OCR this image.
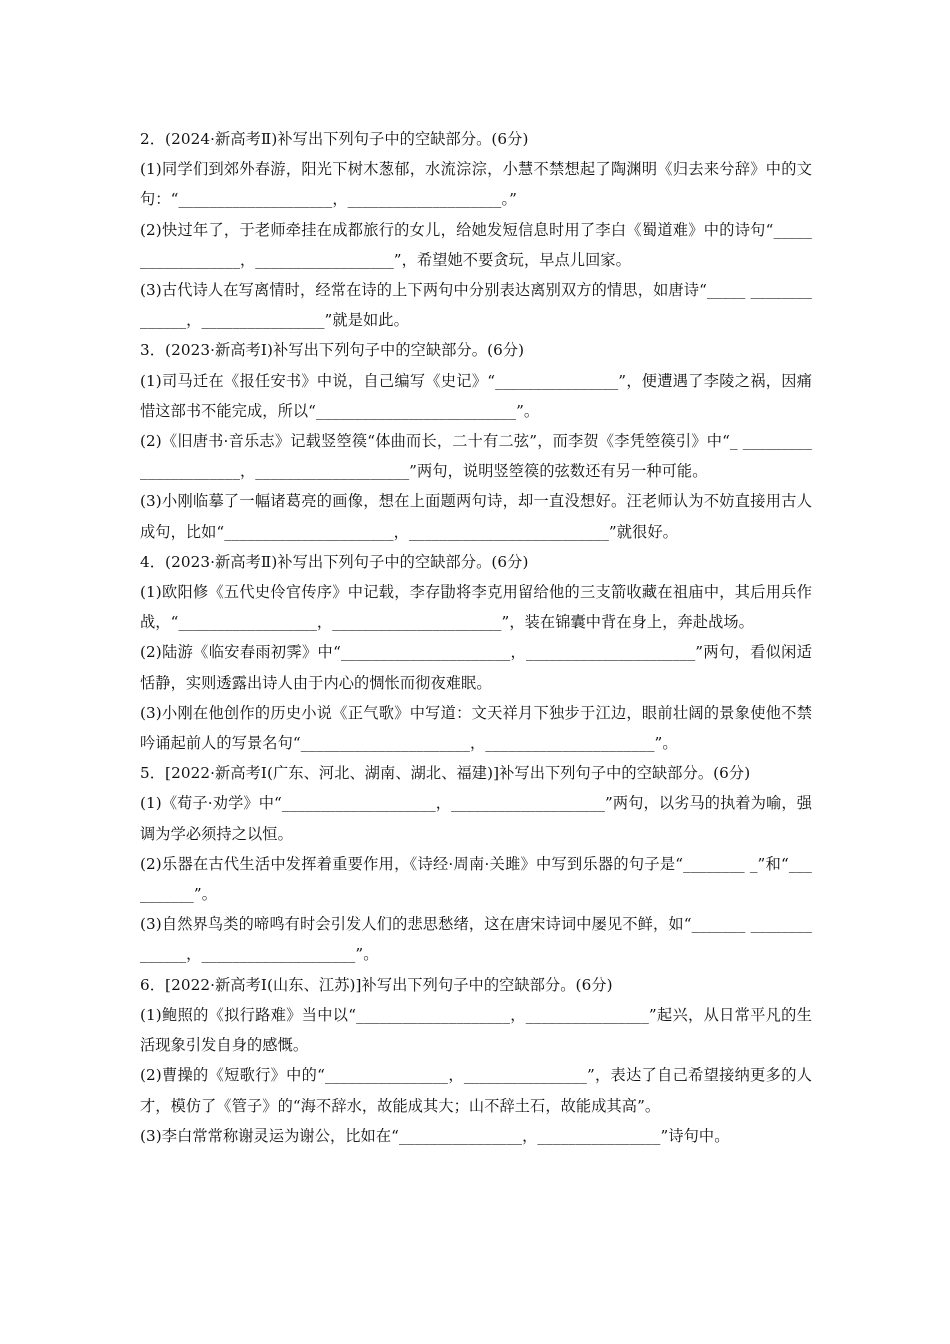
2．(2024·新高考Ⅱ)补写出下列句子中的空缺部分。(6分)

(1)同学们到郊外春游，阳光下树木葱郁，水流淙淙，小慧不禁想起了陶渊明《归去来兮辞》中的文句：“____________________，____________________。”

(2)快过年了，于老师牵挂在成都旅行的女儿，给她发短信息时用了李白《蜀道难》中的诗句“__________________，__________________”，希望她不要贪玩，早点儿回家。

(3)古代诗人在写离情时，经常在诗的上下两句中分别表达离别双方的情思，如唐诗“_____ ______________，________________”就是如此。

3．(2023·新高考Ⅰ)补写出下列句子中的空缺部分。(6分)

(1)司马迁在《报任安书》中说，自己编写《史记》“________________”，便遭遇了李陵之祸，因痛惜这部书不能完成，所以“__________________________”。

(2)《旧唐书·音乐志》记载竖箜篌“体曲而长，二十有二弦”，而李贺《李凭箜篌引》中“_ ______________________，____________________”两句，说明竖箜篌的弦数还有另一种可能。

(3)小刚临摹了一幅诸葛亮的画像，想在上面题两句诗，却一直没想好。汪老师认为不妨直接用古人成句，比如“______________________，__________________________”就很好。

4．(2023·新高考Ⅱ)补写出下列句子中的空缺部分。(6分)

(1)欧阳修《五代史伶官传序》中记载，李存勖将李克用留给他的三支箭收藏在祖庙中，其后用兵作战，“__________________，______________________”，装在锦囊中背在身上，奔赴战场。

(2)陆游《临安春雨初霁》中“______________________，______________________”两句，看似闲适恬静，实则透露出诗人由于内心的惆怅而彻夜难眠。

(3)小刚在他创作的历史小说《正气歌》中写道：文天祥月下独步于江边，眼前壮阔的景象使他不禁吟诵起前人的写景名句“______________________，______________________”。

5．[2022·新高考Ⅰ(广东、河北、湖南、湖北、福建)]补写出下列句子中的空缺部分。(6分)

(1)《荀子·劝学》中“____________________，____________________”两句，以劣马的执着为喻，强调为学必须持之以恒。

(2)乐器在古代生活中发挥着重要作用，《诗经·周南·关雎》中写到乐器的句子是“________ _”和“__________”。

(3)自然界鸟类的啼鸣有时会引发人们的悲思愁绪，这在唐宋诗词中屡见不鲜，如“_______ ______________，____________________”。

6．[2022·新高考Ⅰ(山东、江苏)]补写出下列句子中的空缺部分。(6分)

(1)鲍照的《拟行路难》当中以“____________________，________________”起兴，从日常平凡的生活现象引发自身的感慨。

(2)曹操的《短歌行》中的“________________，________________”，表达了自己希望接纳更多的人才，模仿了《管子》的“海不辞水，故能成其大；山不辞土石，故能成其高”。

(3)李白常常称谢灵运为谢公，比如在“________________，________________”诗句中。
